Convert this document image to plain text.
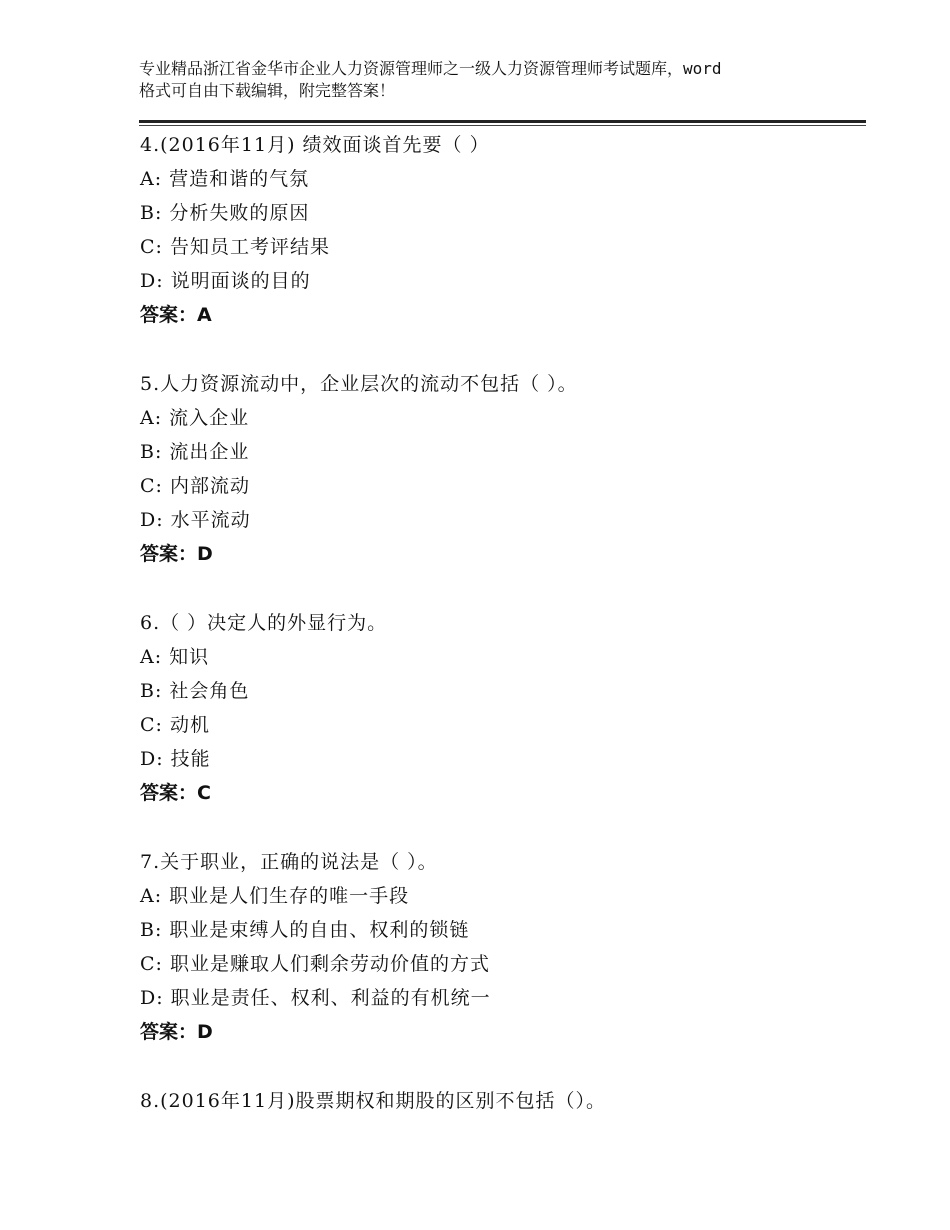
专业精品浙江省金华市企业人力资源管理师之一级人力资源管理师考试题库，word
格式可自由下载编辑，附完整答案！
4.(2016年11月) 绩效面谈首先要（ ）
A: 营造和谐的气氛
B: 分析失败的原因
C: 告知员工考评结果
D: 说明面谈的目的
答案：A
5.人力资源流动中，企业层次的流动不包括（ ）。
A: 流入企业
B: 流出企业
C: 内部流动
D: 水平流动
答案：D
6.（ ）决定人的外显行为。
A: 知识
B: 社会角色
C: 动机
D: 技能
答案：C
7.关于职业，正确的说法是（ ）。
A: 职业是人们生存的唯一手段
B: 职业是束缚人的自由、权利的锁链
C: 职业是赚取人们剩余劳动价值的方式
D: 职业是责任、权利、利益的有机统一
答案：D
8.(2016年11月)股票期权和期股的区别不包括（）。
